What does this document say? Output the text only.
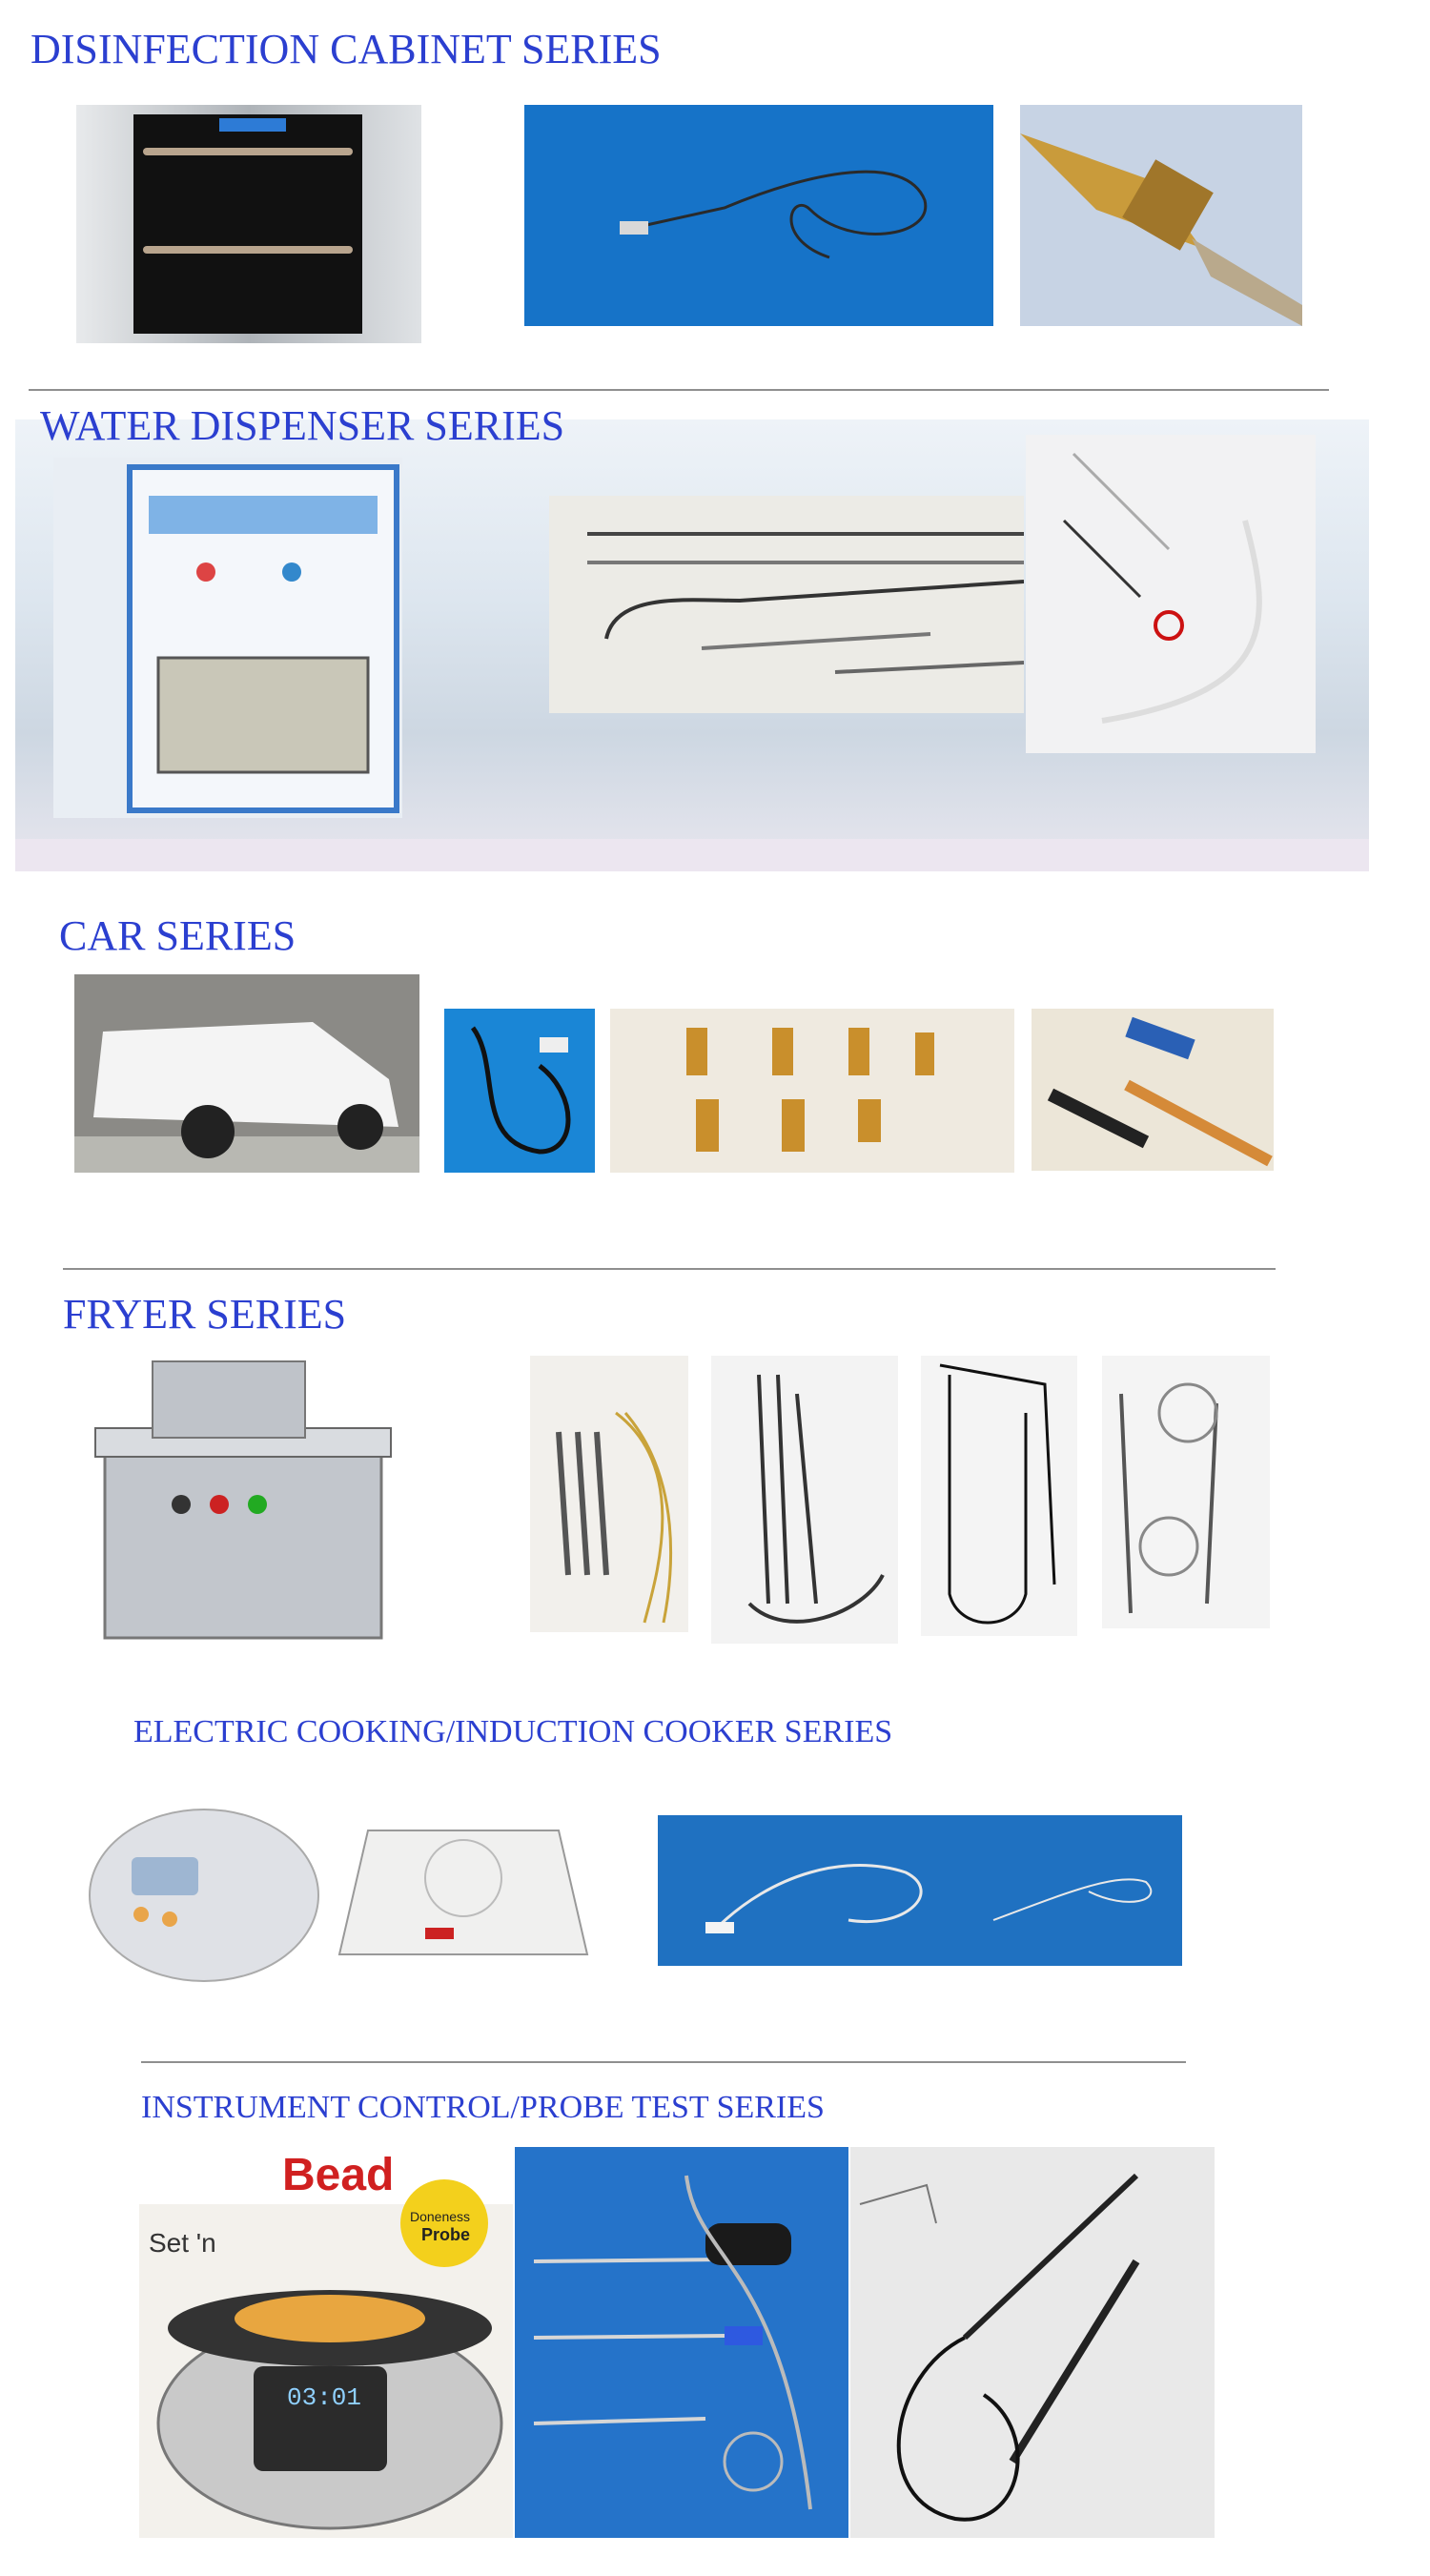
DISINFECTION CABINET SERIES
WATER DISPENSER SERIES
CAR SERIES
FRYER SERIES
ELECTRIC COOKING/INDUCTION COOKER SERIES
INSTRUMENT CONTROL/PROBE TEST SERIES
Bead
Set 'n
Doneness
Probe
03:01
